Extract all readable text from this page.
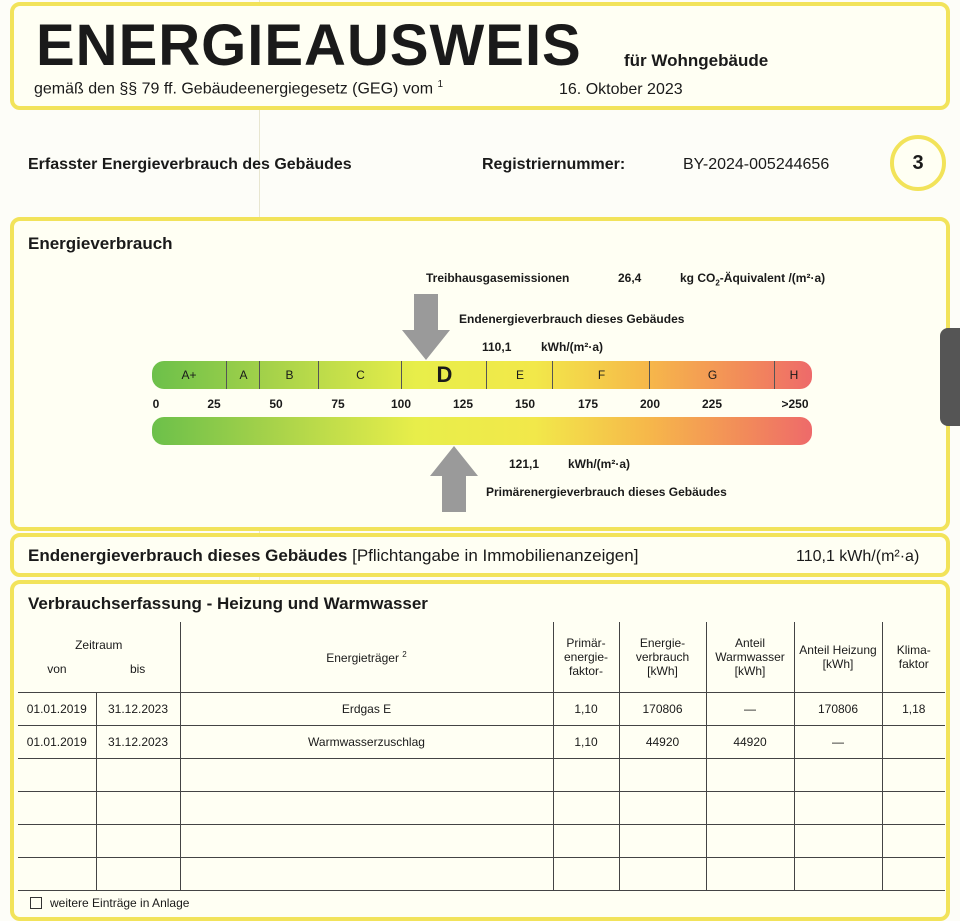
ENERGIEAUSWEIS für Wohngebäude
gemäß den §§ 79 ff. Gebäudeenergiegesetz (GEG) vom $^1$	16. Oktober 2023
Erfasster Energieverbrauch des Gebäudes	Registriernummer:	BY-2024-005244656	3
Energieverbrauch
Treibhausgasemissionen	26,4	kg $CO_2$-Äquivalent /(m²·a)
Endenergieverbrauch dieses Gebäudes
110,1 kWh/(m²·a)
A+	A	B	C	D	E	F	G	H
0	25	50	75	100	125	150	175	200	225	>250
121,1 kWh/(m²·a)
Primärenergieverbrauch dieses Gebäudes
Endenergieverbrauch dieses Gebäudes [Pflichtangabe in Immobilienanzeigen]	110,1 kWh/(m²·a)
Verbrauchserfassung - Heizung und Warmwasser
Zeitraum
von bis		Energieträger $^2$	Primär-energie-faktor-	Energie-verbrauch [kWh]	Anteil Warmwasser [kWh]	Anteil Heizung [kWh]	Klima-faktor
01.01.2019	31.12.2023	Erdgas E	1,10	170806	—	170806	1,18
01.01.2019	31.12.2023	Warmwasserzuschlag	1,10	44920	44920	—	

weitere Einträge in Anlage
